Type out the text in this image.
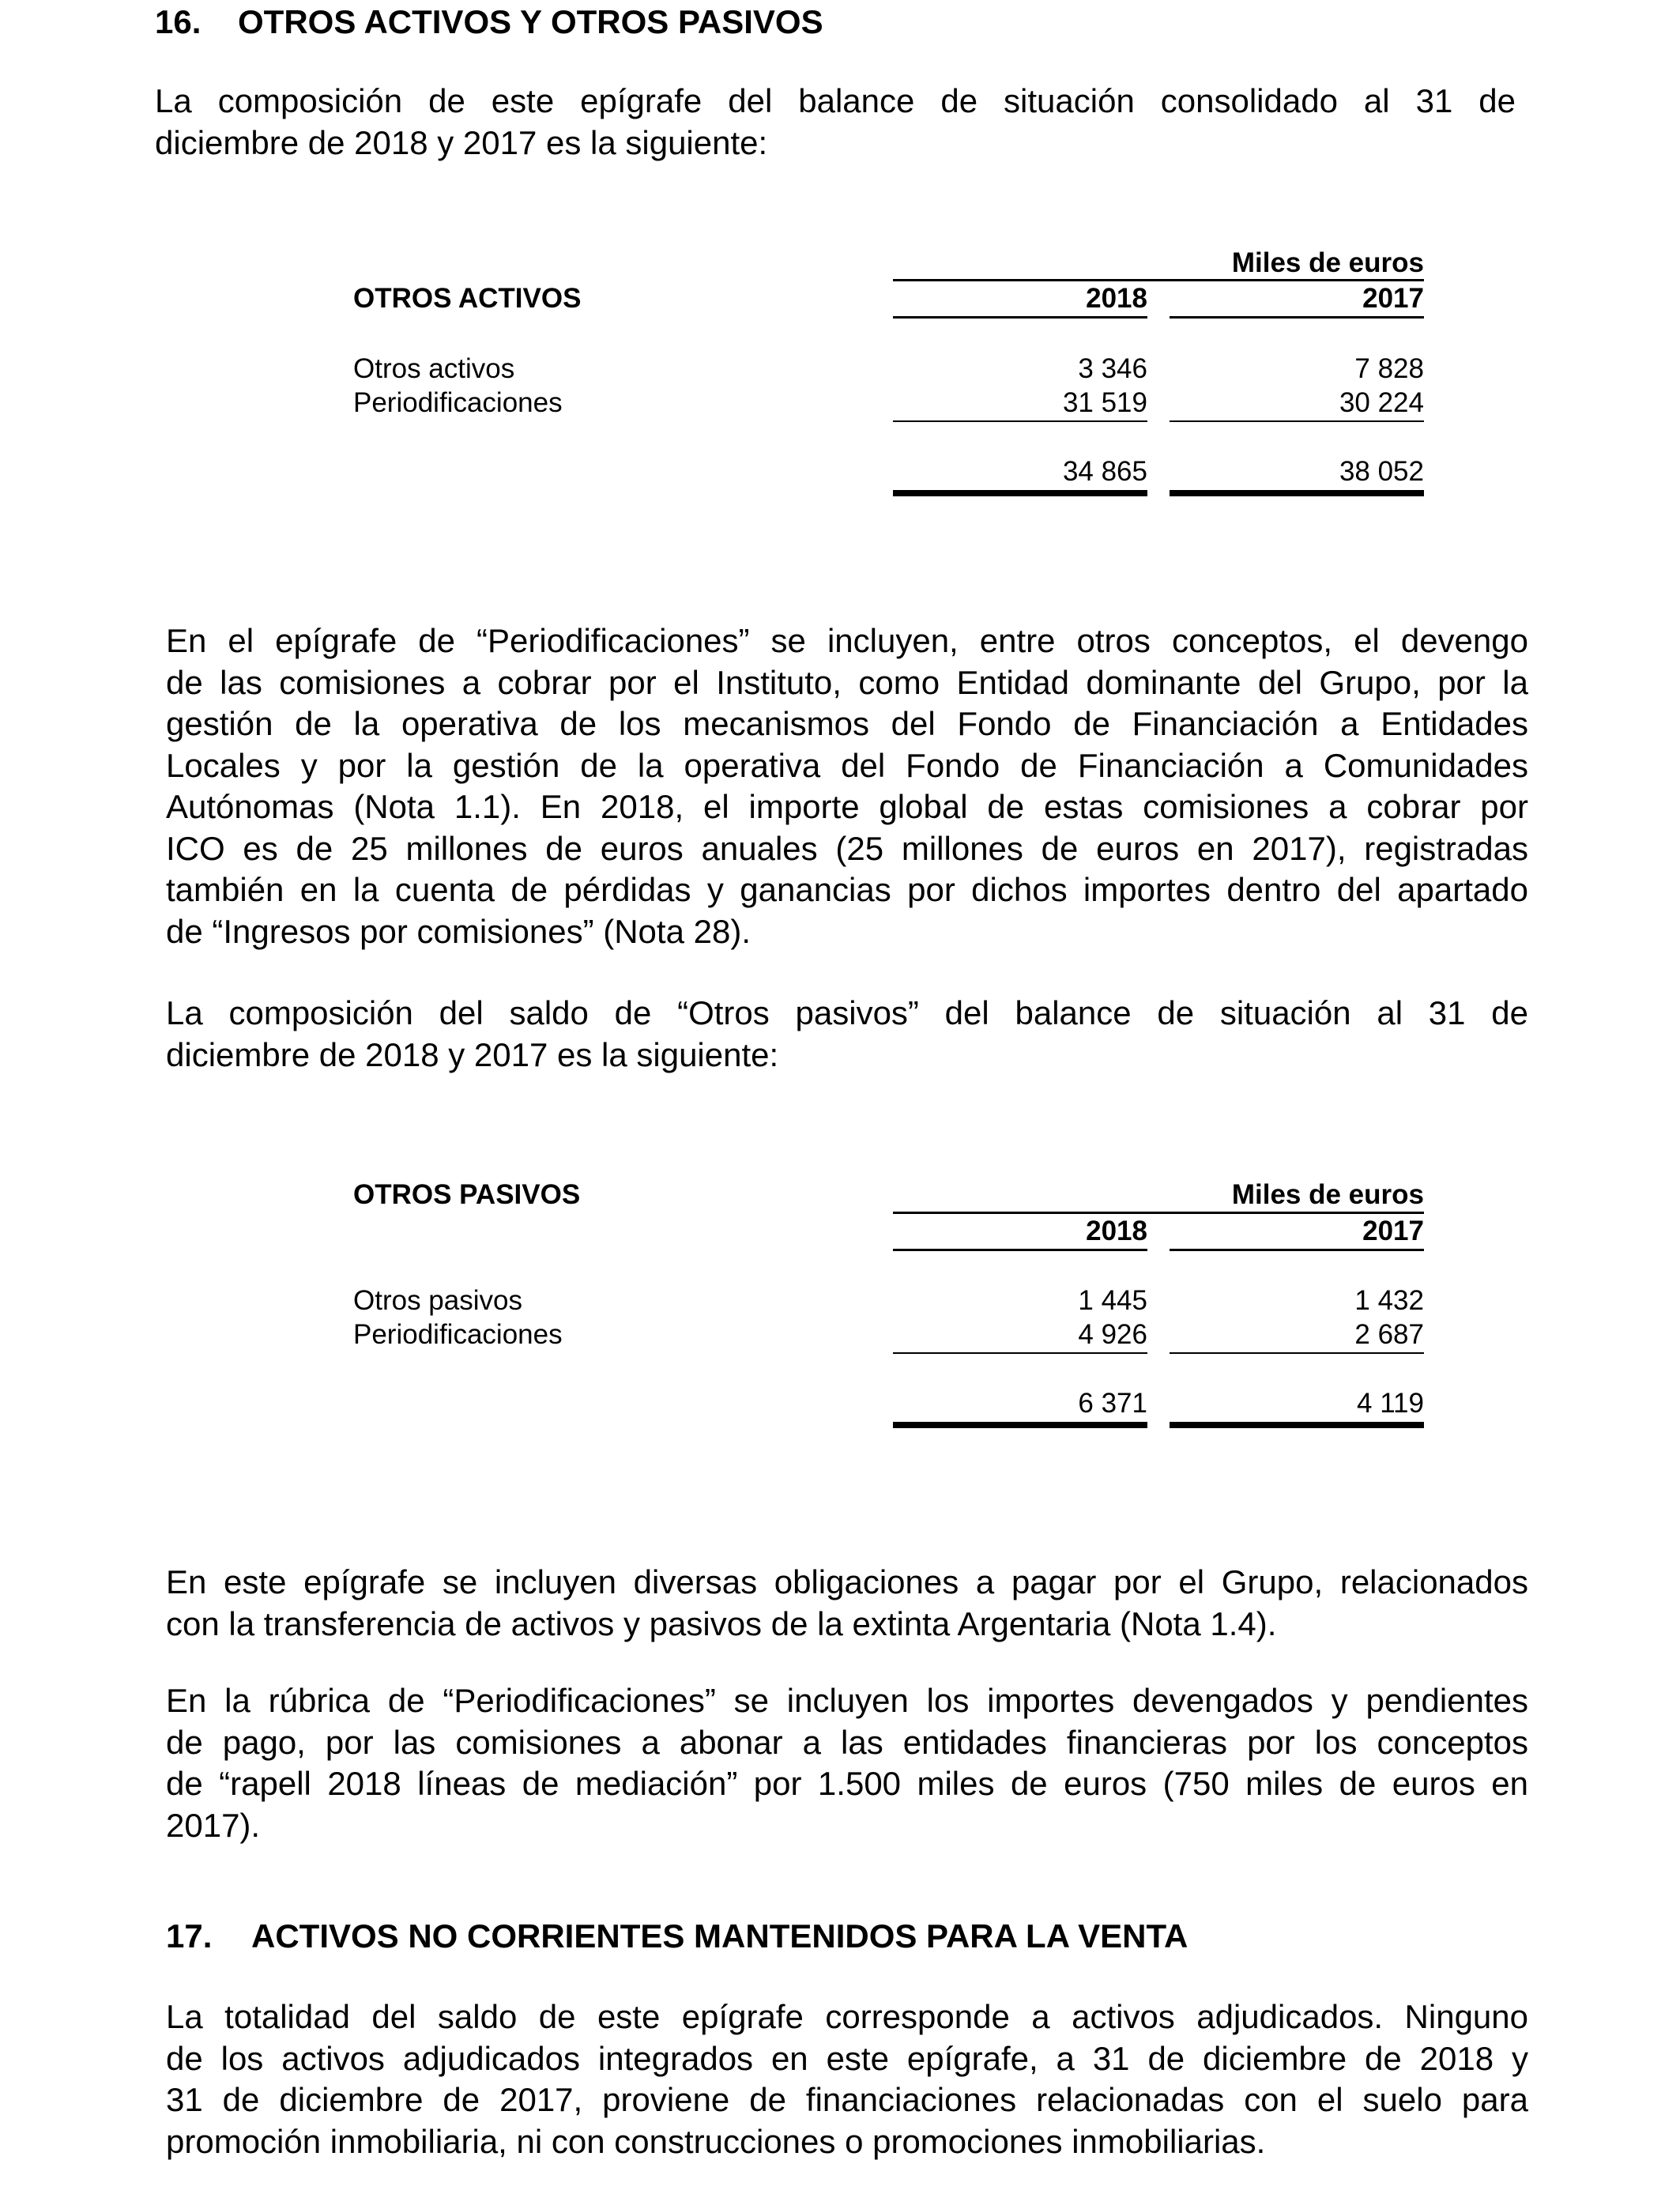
16. OTROS ACTIVOS Y OTROS PASIVOS
La composición de este epígrafe del balance de situación consolidado al 31 de
diciembre de 2018 y 2017 es la siguiente:
Miles de euros
OTROS ACTIVOS	2018	2017
Otros activos	3 346	7 828
Periodificaciones	31 519	30 224
34 865	38 052
En el epígrafe de “Periodificaciones” se incluyen, entre otros conceptos, el devengo
de las comisiones a cobrar por el Instituto, como Entidad dominante del Grupo, por la
gestión de la operativa de los mecanismos del Fondo de Financiación a Entidades
Locales y por la gestión de la operativa del Fondo de Financiación a Comunidades
Autónomas (Nota 1.1). En 2018, el importe global de estas comisiones a cobrar por
ICO es de 25 millones de euros anuales (25 millones de euros en 2017), registradas
también en la cuenta de pérdidas y ganancias por dichos importes dentro del apartado
de “Ingresos por comisiones” (Nota 28).
La composición del saldo de “Otros pasivos” del balance de situación al 31 de
diciembre de 2018 y 2017 es la siguiente:
OTROS PASIVOS	Miles de euros
2018	2017
Otros pasivos	1 445	1 432
Periodificaciones	4 926	2 687
6 371	4 119
En este epígrafe se incluyen diversas obligaciones a pagar por el Grupo, relacionados
con la transferencia de activos y pasivos de la extinta Argentaria (Nota 1.4).
En la rúbrica de “Periodificaciones” se incluyen los importes devengados y pendientes
de pago, por las comisiones a abonar a las entidades financieras por los conceptos
de “rapell 2018 líneas de mediación” por 1.500 miles de euros (750 miles de euros en
2017).
17. ACTIVOS NO CORRIENTES MANTENIDOS PARA LA VENTA
La totalidad del saldo de este epígrafe corresponde a activos adjudicados. Ninguno
de los activos adjudicados integrados en este epígrafe, a 31 de diciembre de 2018 y
31 de diciembre de 2017, proviene de financiaciones relacionadas con el suelo para
promoción inmobiliaria, ni con construcciones o promociones inmobiliarias.
